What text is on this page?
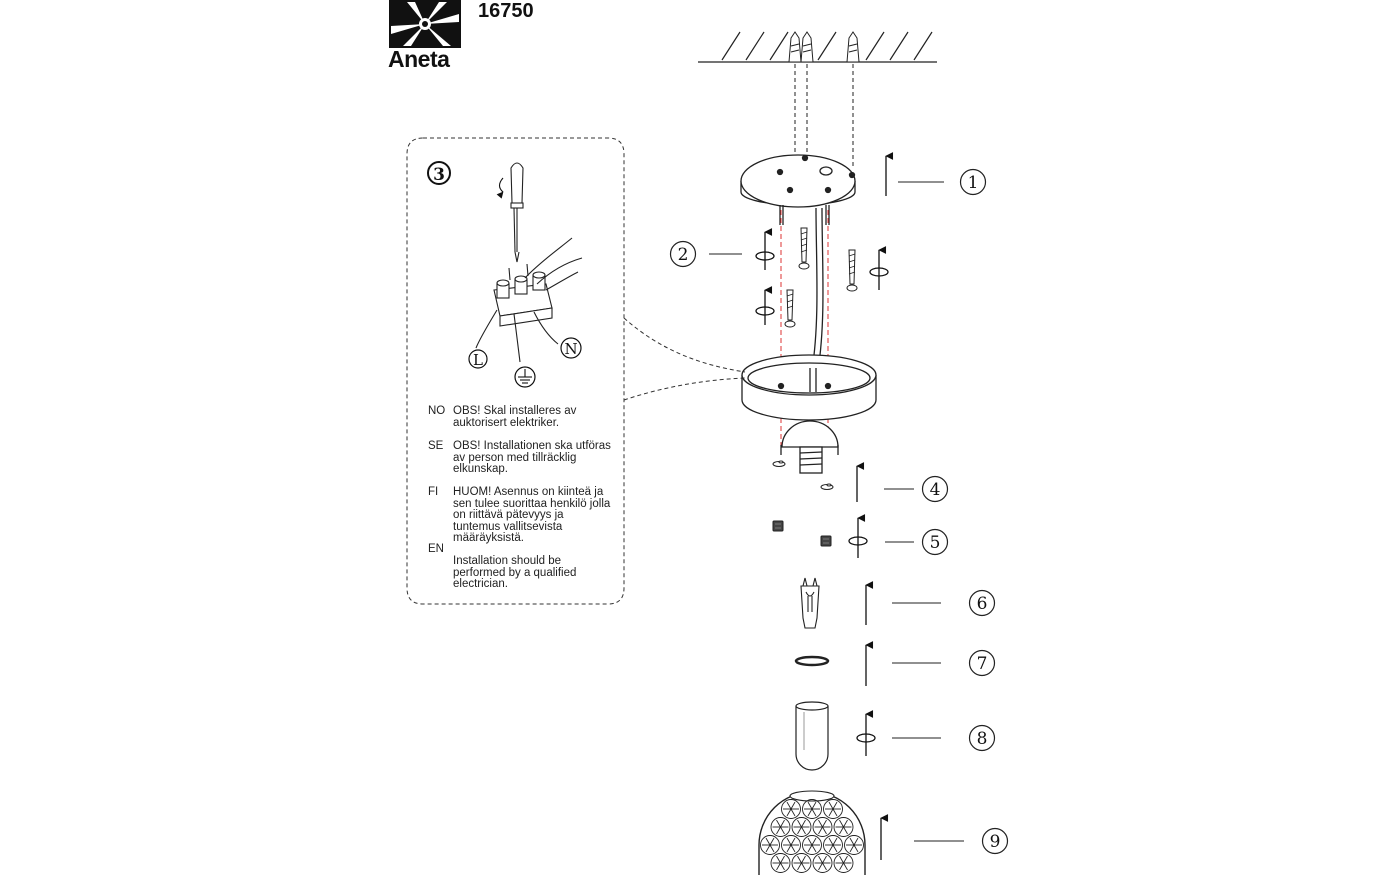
Aneta
16750
1
2
4
5
6
7
8
9
3
L
N
NO OBS! Skal installeres av auktorisert elektriker.
SE OBS! Installationen ska utföras av person med tillräcklig elkunskap.
FI HUOM! Asennus on kiinteä ja sen tulee suorittaa henkilö jolla on riittävä pätevyys ja tuntemus vallitsevista määräyksistä.
EN
Installation should be performed by a qualified electrician.
